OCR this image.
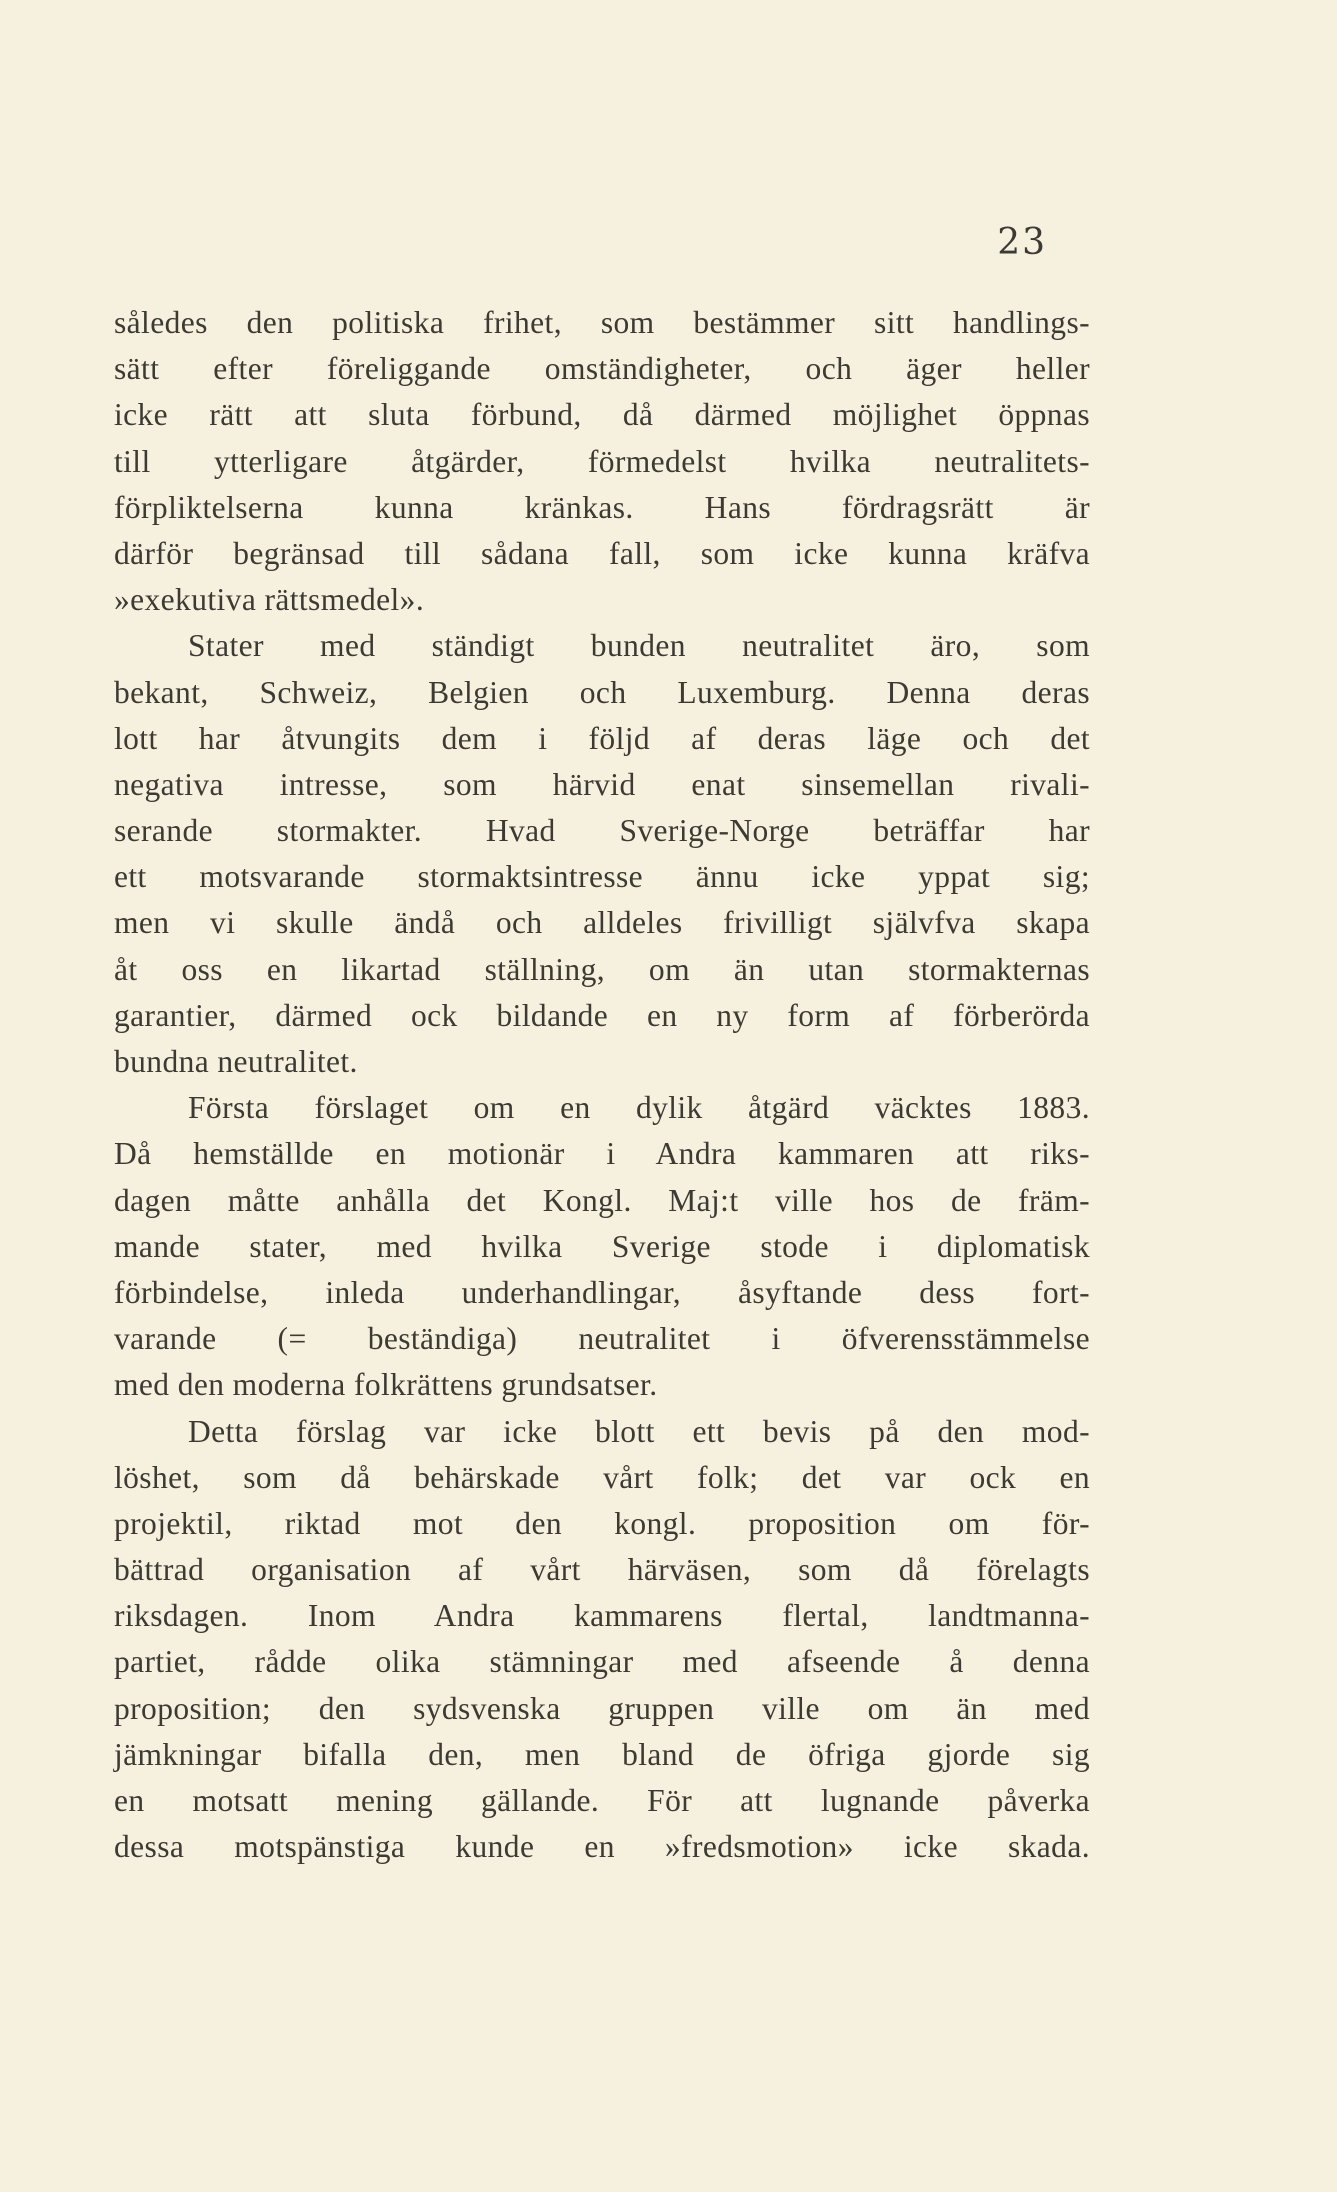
23
således den politiska frihet, som bestämmer sitt handlings-
sätt efter föreliggande omständigheter, och äger heller
icke rätt att sluta förbund, då därmed möjlighet öppnas
till ytterligare åtgärder, förmedelst hvilka neutralitets-
förpliktelserna kunna kränkas. Hans fördragsrätt är
därför begränsad till sådana fall, som icke kunna kräfva
»exekutiva rättsmedel».
Stater med ständigt bunden neutralitet äro, som
bekant, Schweiz, Belgien och Luxemburg. Denna deras
lott har åtvungits dem i följd af deras läge och det
negativa intresse, som härvid enat sinsemellan rivali-
serande stormakter. Hvad Sverige-Norge beträffar har
ett motsvarande stormaktsintresse ännu icke yppat sig;
men vi skulle ändå och alldeles frivilligt självfva skapa
åt oss en likartad ställning, om än utan stormakternas
garantier, därmed ock bildande en ny form af förberörda
bundna neutralitet.
Första förslaget om en dylik åtgärd väcktes 1883.
Då hemställde en motionär i Andra kammaren att riks-
dagen måtte anhålla det Kongl. Maj:t ville hos de främ-
mande stater, med hvilka Sverige stode i diplomatisk
förbindelse, inleda underhandlingar, åsyftande dess fort-
varande (= beständiga) neutralitet i öfverensstämmelse
med den moderna folkrättens grundsatser.
Detta förslag var icke blott ett bevis på den mod-
löshet, som då behärskade vårt folk; det var ock en
projektil, riktad mot den kongl. proposition om för-
bättrad organisation af vårt härväsen, som då förelagts
riksdagen. Inom Andra kammarens flertal, landtmanna-
partiet, rådde olika stämningar med afseende å denna
proposition; den sydsvenska gruppen ville om än med
jämkningar bifalla den, men bland de öfriga gjorde sig
en motsatt mening gällande. För att lugnande påverka
dessa motspänstiga kunde en »fredsmotion» icke skada.
